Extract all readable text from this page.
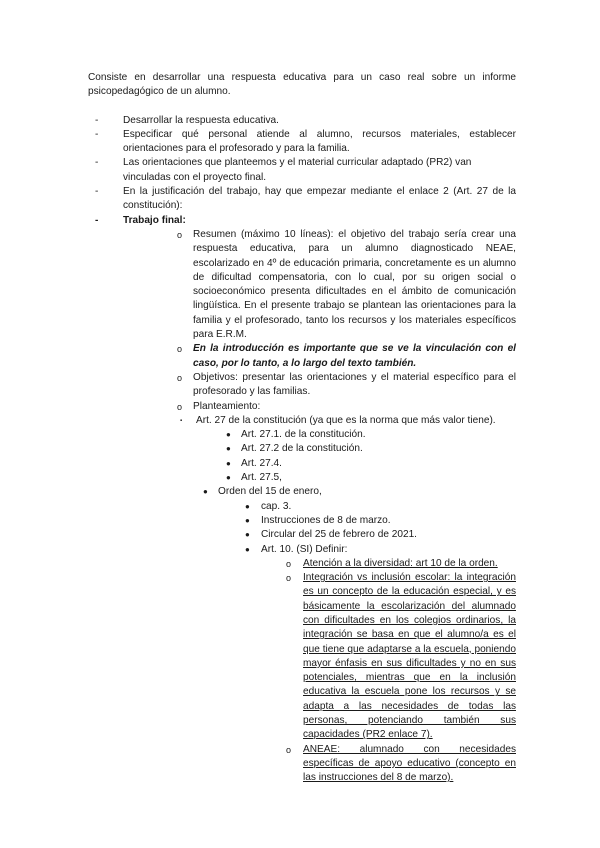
Consiste en desarrollar una respuesta educativa para un caso real sobre un informe psicopedagógico de un alumno.

- Desarrollar la respuesta educativa.
- Especificar qué personal atiende al alumno, recursos materiales, establecer orientaciones para el profesorado y para la familia.
- Las orientaciones que planteemos y el material curricular adaptado (PR2) van vinculadas con el proyecto final.
- En la justificación del trabajo, hay que empezar mediante el enlace 2 (Art. 27 de la constitución):
- Trabajo final:
o Resumen (máximo 10 líneas): el objetivo del trabajo sería crear una respuesta educativa, para un alumno diagnosticado NEAE, escolarizado en 4º de educación primaria, concretamente es un alumno de dificultad compensatoria, con lo cual, por su origen social o socioeconómico presenta dificultades en el ámbito de comunicación lingüística. En el presente trabajo se plantean las orientaciones para la familia y el profesorado, tanto los recursos y los materiales específicos para E.R.M.
o En la introducción es importante que se ve la vinculación con el caso, por lo tanto, a lo largo del texto también.
o Objetivos: presentar las orientaciones y el material específico para el profesorado y las familias.
o Planteamiento:
▪ Art. 27 de la constitución (ya que es la norma que más valor tiene).
● Art. 27.1. de la constitución.
● Art. 27.2 de la constitución.
● Art. 27.4.
● Art. 27.5,
● Orden del 15 de enero,
● cap. 3.
● Instrucciones de 8 de marzo.
● Circular del 25 de febrero de 2021.
● Art. 10. (SI) Definir:
o Atención a la diversidad: art 10 de la orden.
o Integración vs inclusión escolar: la integración es un concepto de la educación especial, y es básicamente la escolarización del alumnado con dificultades en los colegios ordinarios, la integración se basa en que el alumno/a es el que tiene que adaptarse a la escuela, poniendo mayor énfasis en sus dificultades y no en sus potenciales, mientras que en la inclusión educativa la escuela pone los recursos y se adapta a las necesidades de todas las personas, potenciando también sus capacidades (PR2 enlace 7).
o ANEAE: alumnado con necesidades específicas de apoyo educativo (concepto en las instrucciones del 8 de marzo).
